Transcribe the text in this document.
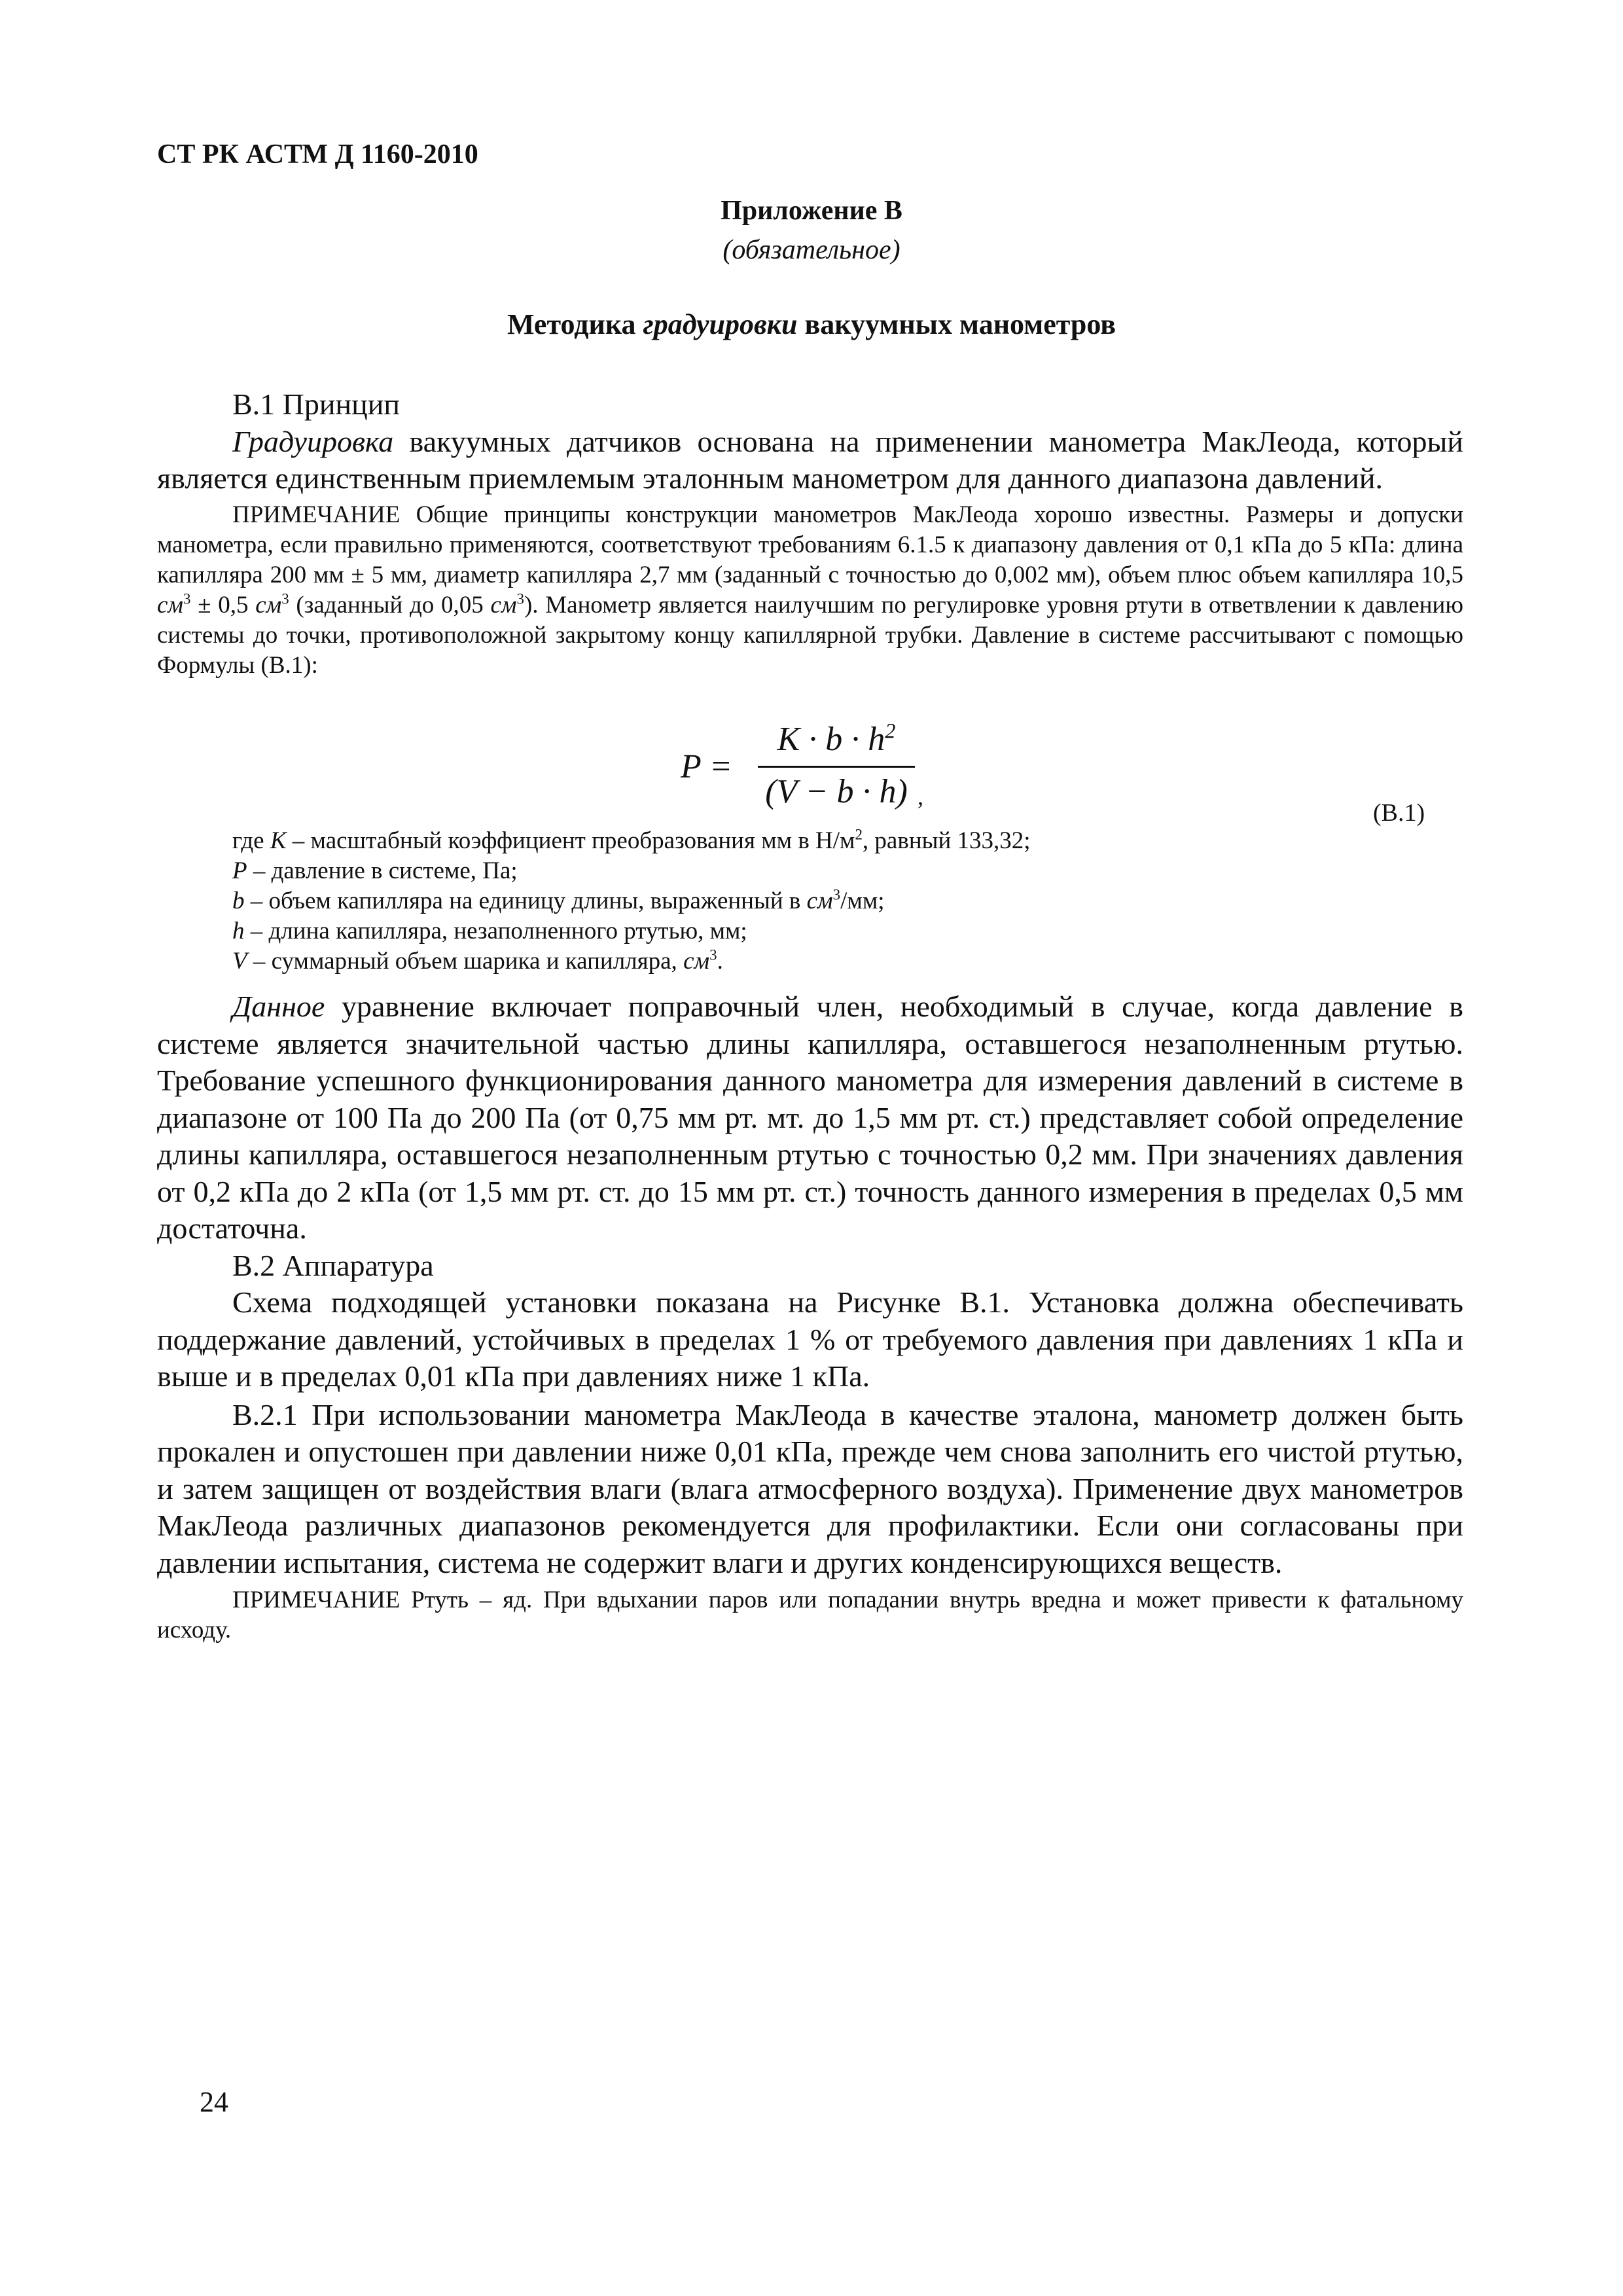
СТ РК АСТМ Д 1160-2010
Приложение В
(обязательное)
Методика градуировки вакуумных манометров

В.1 Принцип

Градуировка вакуумных датчиков основана на применении манометра МакЛеода, который является единственным приемлемым эталонным манометром для данного диапазона давлений.

ПРИМЕЧАНИЕ Общие принципы конструкции манометров МакЛеода хорошо известны. Размеры и допуски манометра, если правильно применяются, соответствуют требованиям 6.1.5 к диапазону давления от 0,1 кПа до 5 кПа: длина капилляра 200 мм ± 5 мм, диаметр капилляра 2,7 мм (заданный с точностью до 0,002 мм), объем плюс объем капилляра 10,5 $см^3 \pm 0,5$ $см^3$ (заданный до 0,05 $см^3$). Манометр является наилучшим по регулировке уровня ртути в ответвлении к давлению системы до точки, противоположной закрытому концу капиллярной трубки. Давление в системе рассчитывают с помощью Формулы (В.1):

P =
$K \cdot b \cdot h^2$
(V − b · h) ,
(В.1)
где K – масштабный коэффициент преобразования мм в $Н/м^2$, равный 133,32;
P – давление в системе, Па;
b – объем капилляра на единицу длины, выраженный в $см^3/мм$;
h – длина капилляра, незаполненного ртутью, мм;
V – суммарный объем шарика и капилляра, $см^3$.

Данное уравнение включает поправочный член, необходимый в случае, когда давление в системе является значительной частью длины капилляра, оставшегося незаполненным ртутью. Требование успешного функционирования данного манометра для измерения давлений в системе в диапазоне от 100 Па до 200 Па (от 0,75 мм рт. мт. до 1,5 мм рт. ст.) представляет собой определение длины капилляра, оставшегося незаполненным ртутью с точностью 0,2 мм. При значениях давления от 0,2 кПа до 2 кПа (от 1,5 мм рт. ст. до 15 мм рт. ст.) точность данного измерения в пределах 0,5 мм достаточна.

В.2 Аппаратура

Схема подходящей установки показана на Рисунке В.1. Установка должна обеспечивать поддержание давлений, устойчивых в пределах 1 % от требуемого давления при давлениях 1 кПа и выше и в пределах 0,01 кПа при давлениях ниже 1 кПа.

В.2.1 При использовании манометра МакЛеода в качестве эталона, манометр должен быть прокален и опустошен при давлении ниже 0,01 кПа, прежде чем снова заполнить его чистой ртутью, и затем защищен от воздействия влаги (влага атмосферного воздуха). Применение двух манометров МакЛеода различных диапазонов рекомендуется для профилактики. Если они согласованы при давлении испытания, система не содержит влаги и других конденсирующихся веществ.

ПРИМЕЧАНИЕ Ртуть – яд. При вдыхании паров или попадании внутрь вредна и может привести к фатальному исходу.

24
